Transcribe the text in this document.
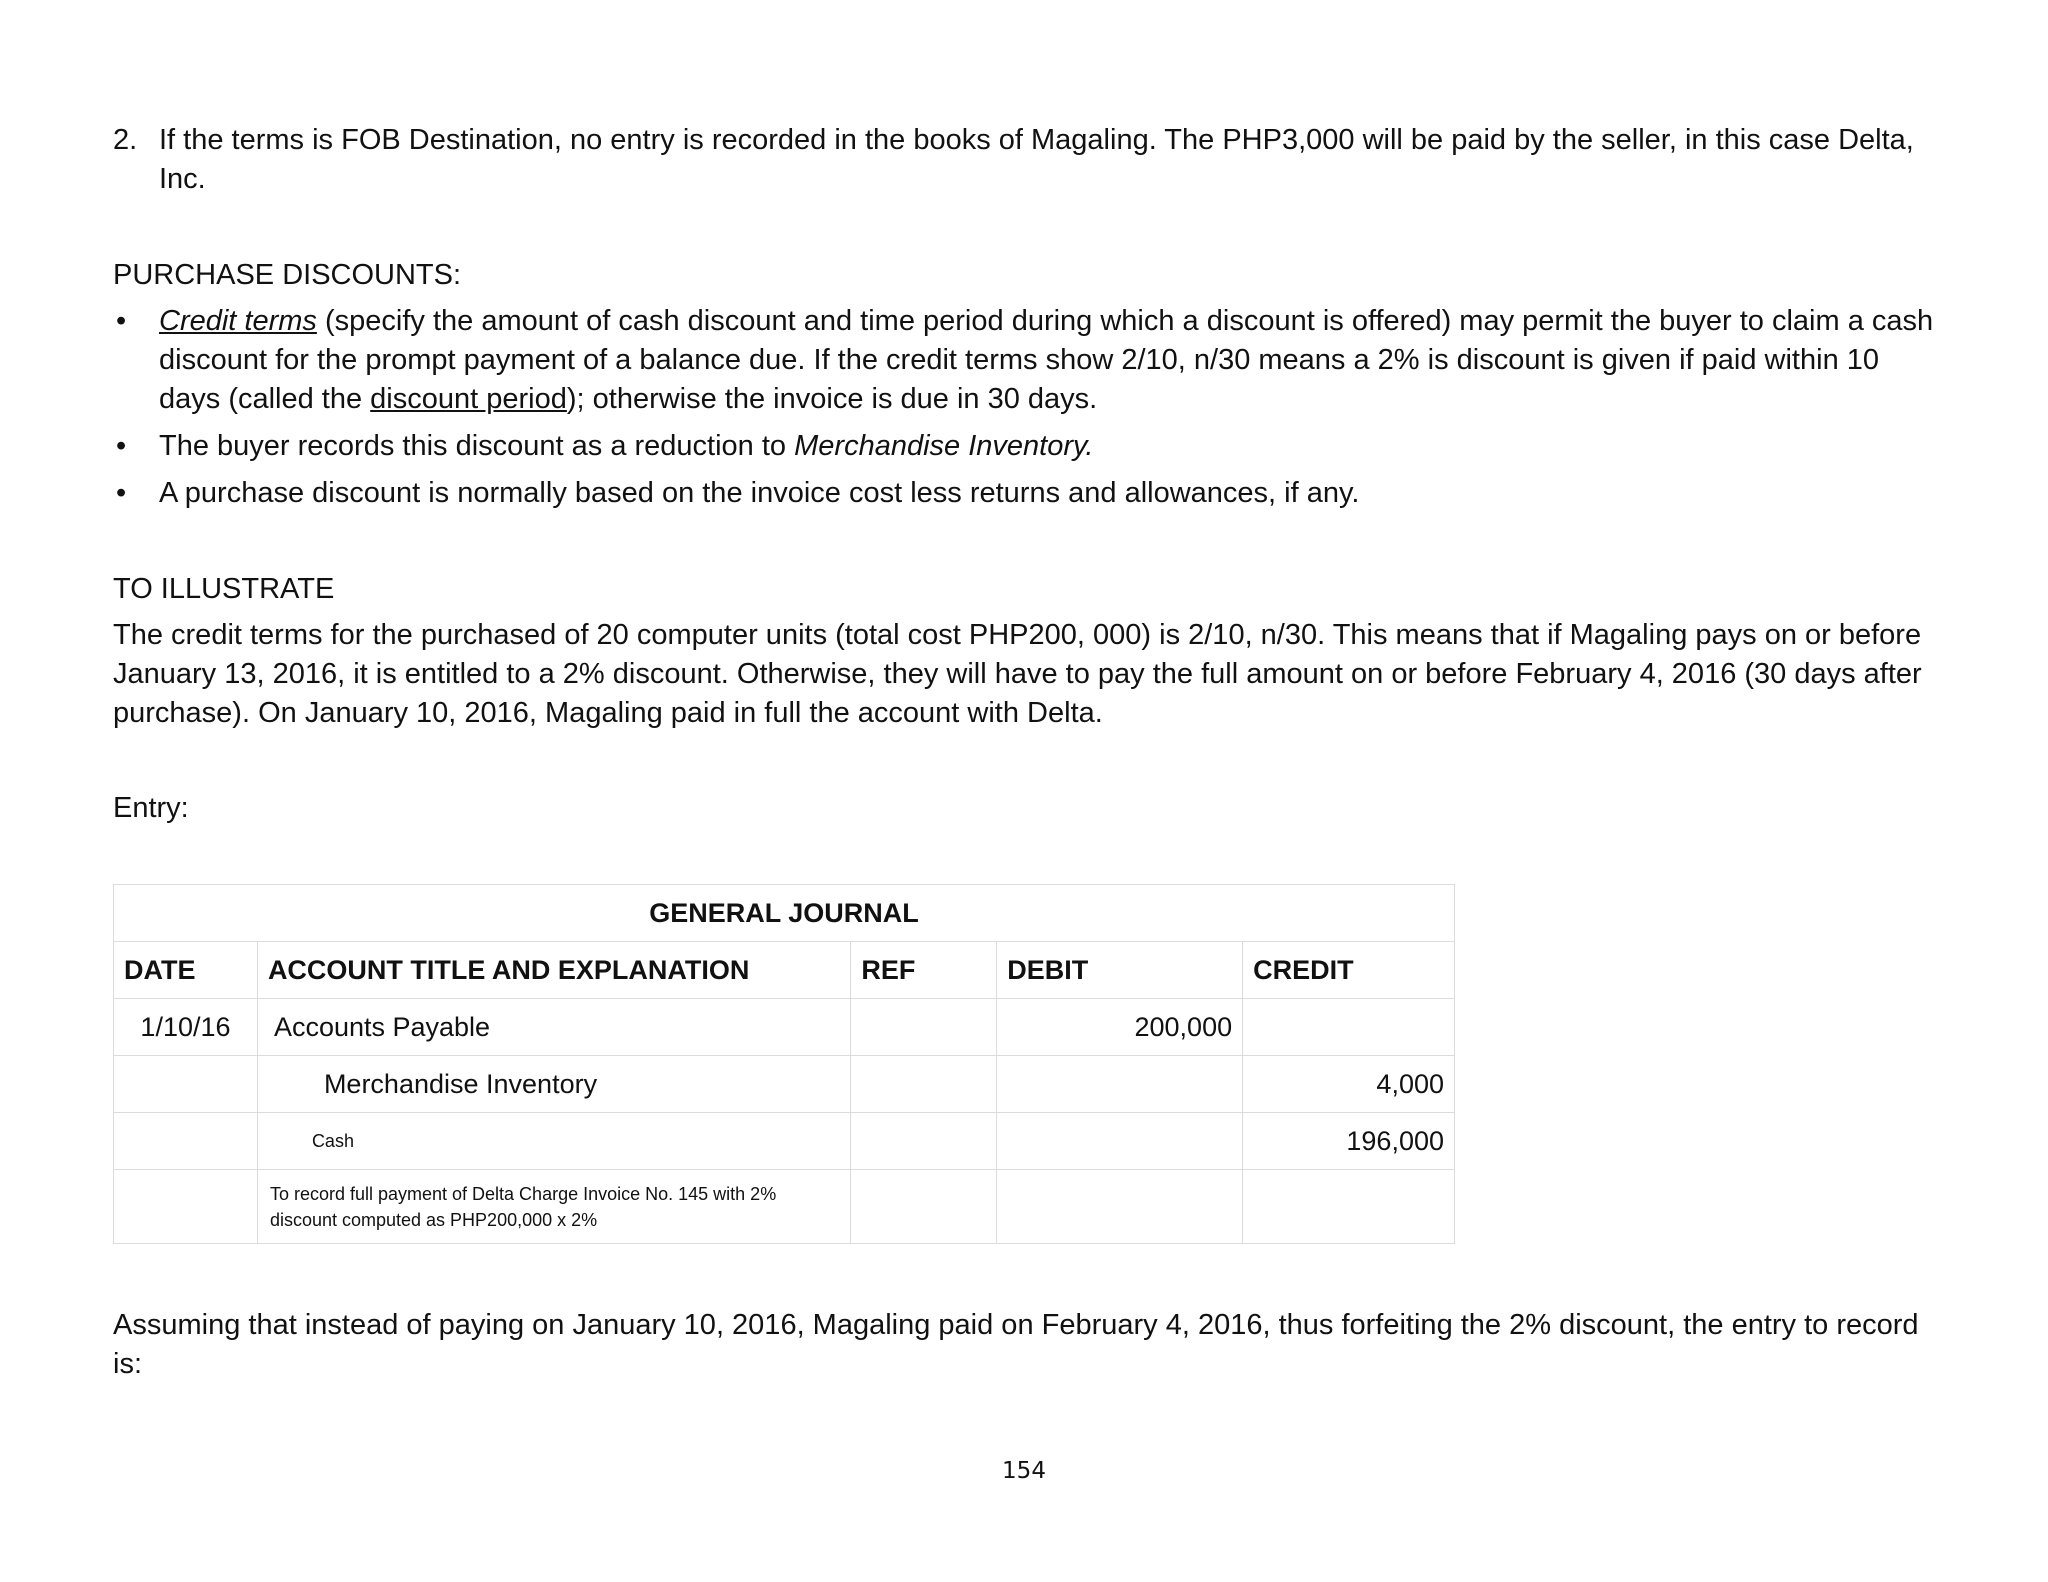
2. If the terms is FOB Destination, no entry is recorded in the books of Magaling. The PHP3,000 will be paid by the seller, in this case Delta, Inc.
PURCHASE DISCOUNTS:
• Credit terms (specify the amount of cash discount and time period during which a discount is offered) may permit the buyer to claim a cash discount for the prompt payment of a balance due. If the credit terms show 2/10, n/30 means a 2% is discount is given if paid within 10 days (called the discount period); otherwise the invoice is due in 30 days.
• The buyer records this discount as a reduction to Merchandise Inventory.
• A purchase discount is normally based on the invoice cost less returns and allowances, if any.
TO ILLUSTRATE
The credit terms for the purchased of 20 computer units (total cost PHP200, 000) is 2/10, n/30. This means that if Magaling pays on or before January 13, 2016, it is entitled to a 2% discount. Otherwise, they will have to pay the full amount on or before February 4, 2016 (30 days after purchase). On January 10, 2016, Magaling paid in full the account with Delta.
Entry:
GENERAL JOURNAL				
DATE	ACCOUNT TITLE AND EXPLANATION	REF	DEBIT	CREDIT
1/10/16	Accounts Payable		200,000	
	Merchandise Inventory			4,000
	Cash			196,000

	To record full payment of Delta Charge Invoice No. 145 with 2%
discount computed as PHP200,000 x 2%			

Assuming that instead of paying on January 10, 2016, Magaling paid on February 4, 2016, thus forfeiting the 2% discount, the entry to record is:
154
